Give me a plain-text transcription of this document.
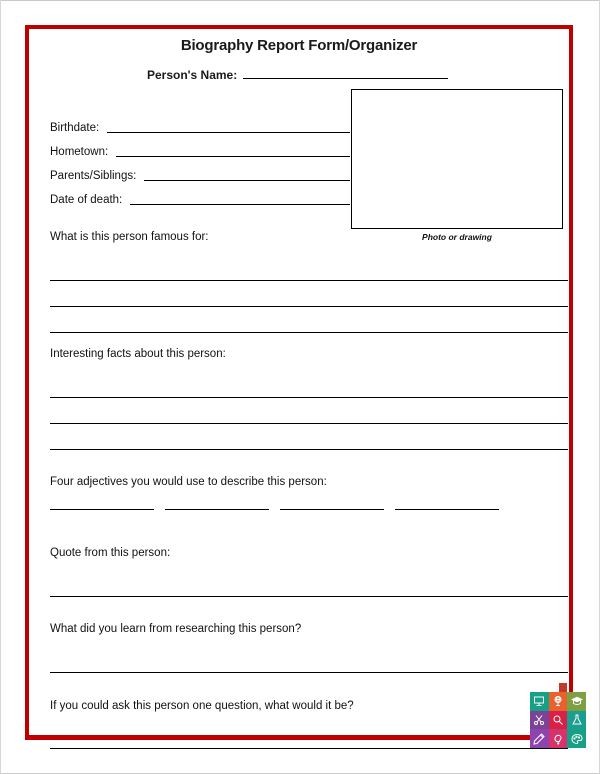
Biography Report Form/Organizer
Person's Name:
Birthdate:
Hometown:
Parents/Siblings:
Date of death:
Photo or drawing
What is this person famous for:
Interesting facts about this person:
Four adjectives you would use to describe this person:
Quote from this person:
What did you learn from researching this person?
If you could ask this person one question, what would it be?
